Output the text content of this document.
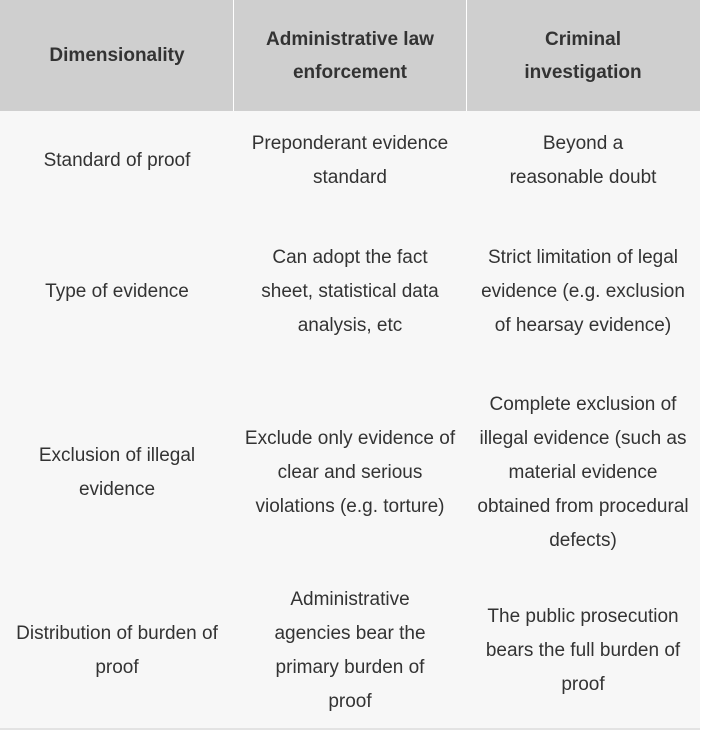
Dimensionality
Administrative law enforcement
Criminal investigation
Standard of proof
Preponderant evidence standard
Beyond a reasonable doubt
Type of evidence
Can adopt the fact sheet, statistical data analysis, etc
Strict limitation of legal evidence (e.g. exclusion of hearsay evidence)
Exclusion of illegal evidence
Exclude only evidence of clear and serious violations (e.g. torture)
Complete exclusion of illegal evidence (such as material evidence obtained from procedural defects)
Distribution of burden of proof
Administrative agencies bear the primary burden of proof
The public prosecution bears the full burden of proof
